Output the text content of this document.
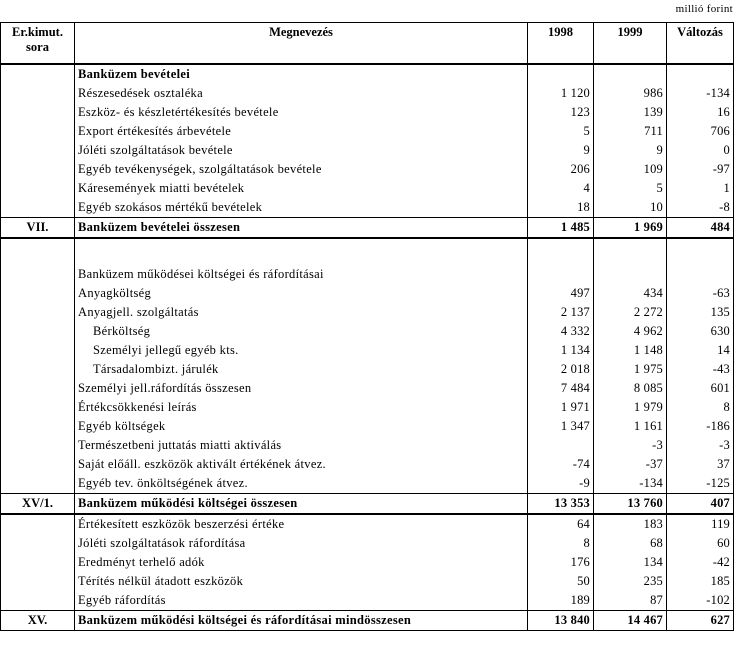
millió forint
Er.kimut.
sora	Megnevezés	1998	1999	Változás
	Banküzem bevételei			
	Részesedések osztaléka	1 120	986	-134
	Eszköz- és készletértékesítés bevétele	123	139	16
	Export értékesítés árbevétele	5	711	706
	Jóléti szolgáltatások bevétele	9	9	0
	Egyéb tevékenységek, szolgáltatások bevétele	206	109	-97
	Káresemények miatti bevételek	4	5	1
	Egyéb szokásos mértékű bevételek	18	10	-8
VII.	Banküzem bevételei összesen	1 485	1 969	484

	Banküzem működései költségei és ráfordításai			
	Anyagköltség	497	434	-63
	Anyagjell. szolgáltatás	2 137	2 272	135
	Bérköltség	4 332	4 962	630
	Személyi jellegű egyéb kts.	1 134	1 148	14
	Társadalombizt. járulék	2 018	1 975	-43
	Személyi jell.ráfordítás összesen	7 484	8 085	601
	Értékcsökkenési leírás	1 971	1 979	8
	Egyéb költségek	1 347	1 161	-186
	Természetbeni juttatás miatti aktiválás		-3	-3
	Saját előáll. eszközök aktivált értékének átvez.	-74	-37	37
	Egyéb tev. önköltségének átvez.	-9	-134	-125
XV/1.	Banküzem működési költségei összesen	13 353	13 760	407
	Értékesített eszközök beszerzési értéke	64	183	119
	Jóléti szolgáltatások ráfordítása	8	68	60
	Eredményt terhelő adók	176	134	-42
	Térítés nélkül átadott eszközök	50	235	185
	Egyéb ráfordítás	189	87	-102
XV.	Banküzem működési költségei és ráfordításai mindösszesen	13 840	14 467	627
